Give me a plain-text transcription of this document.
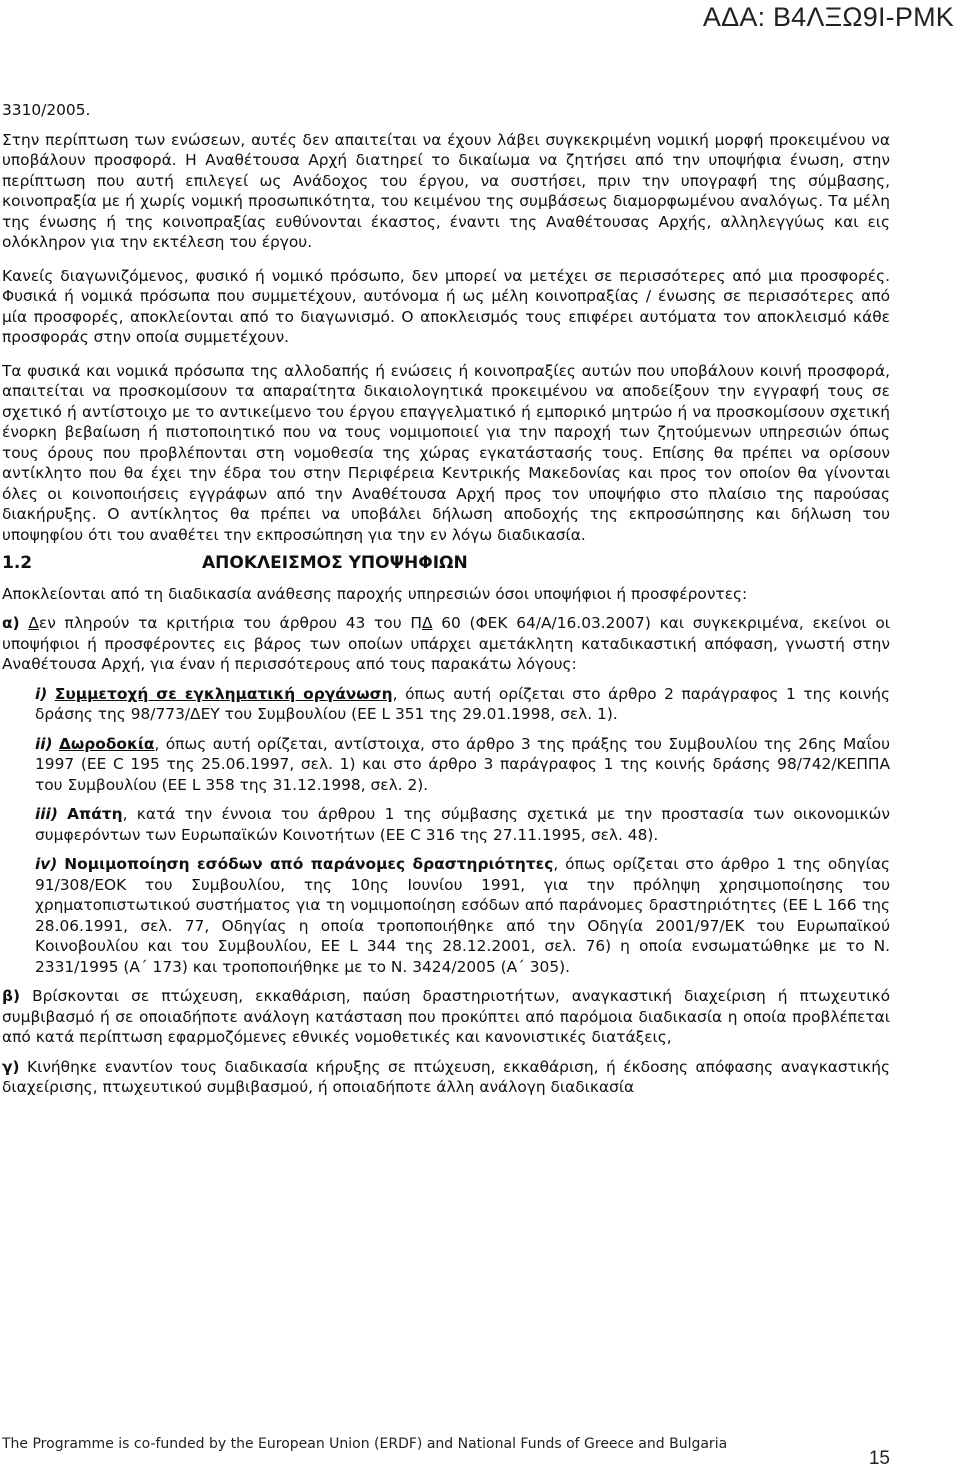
ΑΔΑ: Β4ΛΞΩ9Ι-ΡΜΚ

3310/2005.

Στην περίπτωση των ενώσεων, αυτές δεν απαιτείται να έχουν λάβει συγκεκριμένη νομική μορφή προκειμένου να υποβάλουν προσφορά. Η Αναθέτουσα Αρχή διατηρεί το δικαίωμα να ζητήσει από την υποψήφια ένωση, στην περίπτωση που αυτή επιλεγεί ως Ανάδοχος του έργου, να συστήσει, πριν την υπογραφή της σύμβασης, κοινοπραξία με ή χωρίς νομική προσωπικότητα, του κειμένου της συμβάσεως διαμορφωμένου αναλόγως. Τα μέλη της ένωσης ή της κοινοπραξίας ευθύνονται έκαστος, έναντι της Αναθέτουσας Αρχής, αλληλεγγύως και εις ολόκληρον για την εκτέλεση του έργου.

Κανείς διαγωνιζόμενος, φυσικό ή νομικό πρόσωπο, δεν μπορεί να μετέχει σε περισσότερες από μια προσφορές. Φυσικά ή νομικά πρόσωπα που συμμετέχουν, αυτόνομα ή ως μέλη κοινοπραξίας / ένωσης σε περισσότερες από μία προσφορές, αποκλείονται από το διαγωνισμό. Ο αποκλεισμός τους επιφέρει αυτόματα τον αποκλεισμό κάθε προσφοράς στην οποία συμμετέχουν.

Τα φυσικά και νομικά πρόσωπα της αλλοδαπής ή ενώσεις ή κοινοπραξίες αυτών που υποβάλουν κοινή προσφορά, απαιτείται να προσκομίσουν τα απαραίτητα δικαιολογητικά προκειμένου να αποδείξουν την εγγραφή τους σε σχετικό ή αντίστοιχο με το αντικείμενο του έργου επαγγελματικό ή εμπορικό μητρώο ή να προσκομίσουν σχετική ένορκη βεβαίωση ή πιστοποιητικό που να τους νομιμοποιεί για την παροχή των ζητούμενων υπηρεσιών όπως τους όρους που προβλέπονται στη νομοθεσία της χώρας εγκατάστασής τους. Επίσης θα πρέπει να ορίσουν αντίκλητο που θα έχει την έδρα του στην Περιφέρεια Κεντρικής Μακεδονίας και προς τον οποίον θα γίνονται όλες οι κοινοποιήσεις εγγράφων από την Αναθέτουσα Αρχή προς τον υποψήφιο στο πλαίσιο της παρούσας διακήρυξης. Ο αντίκλητος θα πρέπει να υποβάλει δήλωση αποδοχής της εκπροσώπησης και δήλωση του υποψηφίου ότι του αναθέτει την εκπροσώπηση για την εν λόγω διαδικασία.

1.2	ΑΠΟΚΛΕΙΣΜΟΣ ΥΠΟΨΗΦΙΩΝ

Αποκλείονται από τη διαδικασία ανάθεσης παροχής υπηρεσιών όσοι υποψήφιοι ή προσφέροντες:

α) Δεν πληρούν τα κριτήρια του άρθρου 43 του ΠΔ 60 (ΦΕΚ 64/Α/16.03.2007) και συγκεκριμένα, εκείνοι οι υποψήφιοι ή προσφέροντες εις βάρος των οποίων υπάρχει αμετάκλητη καταδικαστική απόφαση, γνωστή στην Αναθέτουσα Αρχή, για έναν ή περισσότερους από τους παρακάτω λόγους:

i) Συμμετοχή σε εγκληματική οργάνωση, όπως αυτή ορίζεται στο άρθρο 2 παράγραφος 1 της κοινής δράσης της 98/773/ΔΕΥ του Συμβουλίου (ΕΕ L 351 της 29.01.1998, σελ. 1).

ii) Δωροδοκία, όπως αυτή ορίζεται, αντίστοιχα, στο άρθρο 3 της πράξης του Συμβουλίου της 26ης Μαΐου 1997 (ΕΕ C 195 της 25.06.1997, σελ. 1) και στο άρθρο 3 παράγραφος 1 της κοινής δράσης 98/742/ΚΕΠΠΑ του Συμβουλίου (ΕΕ L 358 της 31.12.1998, σελ. 2).

iii) Απάτη, κατά την έννοια του άρθρου 1 της σύμβασης σχετικά με την προστασία των οικονομικών συμφερόντων των Ευρωπαϊκών Κοινοτήτων (ΕΕ C 316 της 27.11.1995, σελ. 48).

iv) Νομιμοποίηση εσόδων από παράνομες δραστηριότητες, όπως ορίζεται στο άρθρο 1 της οδηγίας 91/308/ΕΟΚ του Συμβουλίου, της 10ης Ιουνίου 1991, για την πρόληψη χρησιμοποίησης του χρηματοπιστωτικού συστήματος για τη νομιμοποίηση εσόδων από παράνομες δραστηριότητες (ΕΕ L 166 της 28.06.1991, σελ. 77, Οδηγίας η οποία τροποποιήθηκε από την Οδηγία 2001/97/ΕΚ του Ευρωπαϊκού Κοινοβουλίου και του Συμβουλίου, ΕΕ L 344 της 28.12.2001, σελ. 76) η οποία ενσωματώθηκε με το Ν. 2331/1995 (Α΄ 173) και τροποποιήθηκε με το Ν. 3424/2005 (Α΄ 305).

β) Βρίσκονται σε πτώχευση, εκκαθάριση, παύση δραστηριοτήτων, αναγκαστική διαχείριση ή πτωχευτικό συμβιβασμό ή σε οποιαδήποτε ανάλογη κατάσταση που προκύπτει από παρόμοια διαδικασία η οποία προβλέπεται από κατά περίπτωση εφαρμοζόμενες εθνικές νομοθετικές και κανονιστικές διατάξεις,

γ) Κινήθηκε εναντίον τους διαδικασία κήρυξης σε πτώχευση, εκκαθάριση, ή έκδοσης απόφασης αναγκαστικής διαχείρισης, πτωχευτικού συμβιβασμού, ή οποιαδήποτε άλλη ανάλογη διαδικασία

The Programme is co-funded by the European Union (ERDF) and National Funds of Greece and Bulgaria
15
